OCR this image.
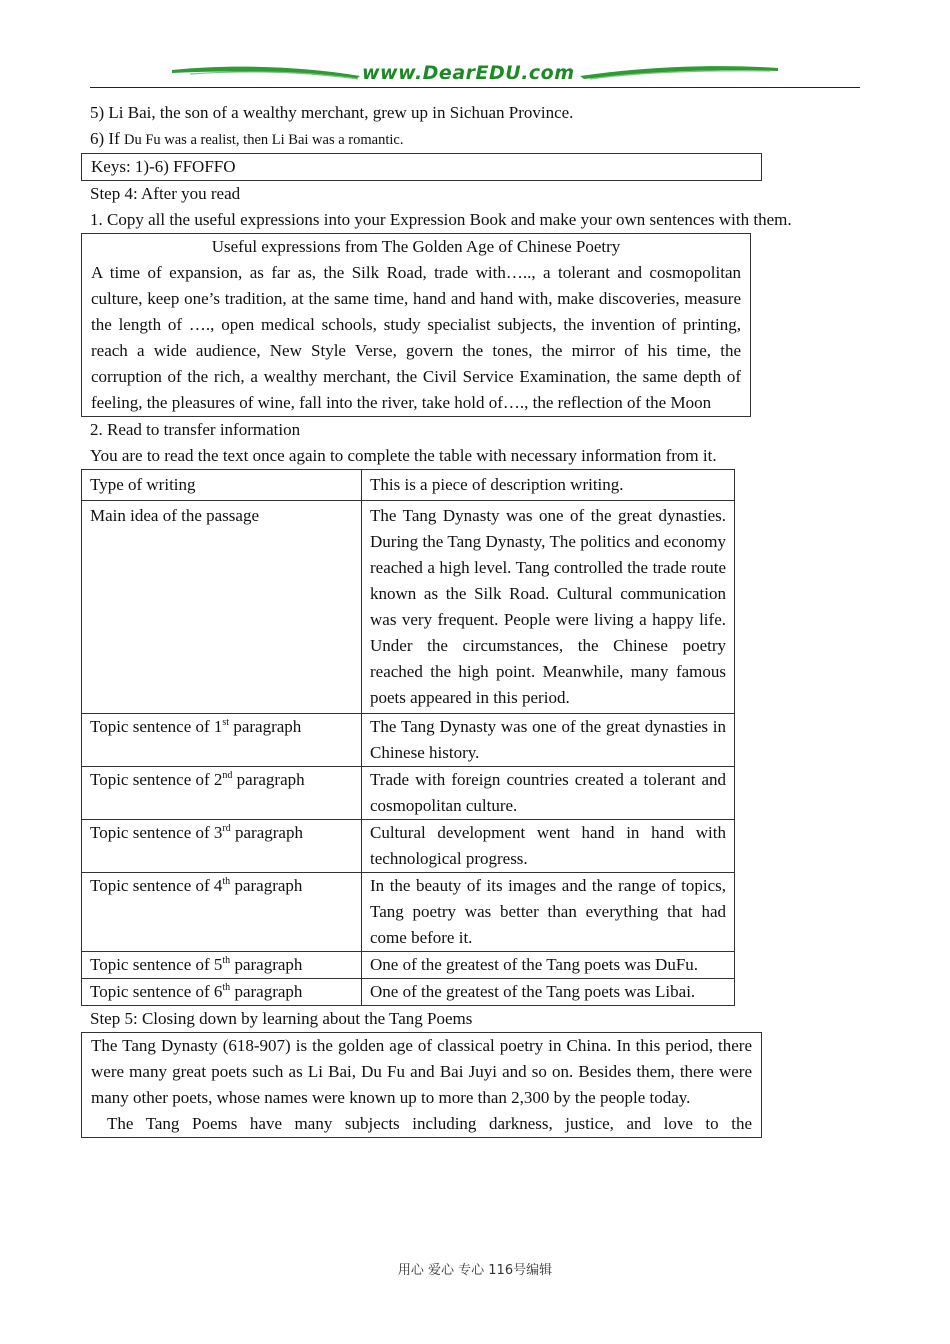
www.DearEDU.com

5) Li Bai, the son of a wealthy merchant, grew up in Sichuan Province.

6) If Du Fu was a realist, then Li Bai was a romantic.

Keys: 1)-6) FFOFFO

Step 4: After you read

1. Copy all the useful expressions into your Expression Book and make your own sentences with them.

Useful expressions from The Golden Age of Chinese Poetry

A time of expansion, as far as, the Silk Road, trade with….., a tolerant and cosmopolitan culture, keep one’s tradition, at the same time, hand and hand with, make discoveries, measure the length of …., open medical schools, study specialist subjects, the invention of printing, reach a wide audience, New Style Verse, govern the tones, the mirror of his time, the corruption of the rich, a wealthy merchant, the Civil Service Examination, the same depth of feeling, the pleasures of wine, fall into the river, take hold of…., the reflection of the Moon

2. Read to transfer information

You are to read the text once again to complete the table with necessary information from it.

Type of writing	This is a piece of description writing.
Main idea of the passage	The Tang Dynasty was one of the great dynasties. During the Tang Dynasty, The politics and economy reached a high level. Tang controlled the trade route known as the Silk Road. Cultural communication was very frequent. People were living a happy life. Under the circumstances, the Chinese poetry reached the high point. Meanwhile, many famous poets appeared in this period.
Topic sentence of 1st paragraph	The Tang Dynasty was one of the great dynasties in Chinese history.
Topic sentence of 2nd paragraph	Trade with foreign countries created a tolerant and cosmopolitan culture.
Topic sentence of 3rd paragraph	Cultural development went hand in hand with technological progress.
Topic sentence of 4th paragraph	In the beauty of its images and the range of topics, Tang poetry was better than everything that had come before it.
Topic sentence of 5th paragraph	One of the greatest of the Tang poets was DuFu.
Topic sentence of 6th paragraph	One of the greatest of the Tang poets was Libai.

Step 5: Closing down by learning about the Tang Poems

The Tang Dynasty (618-907) is the golden age of classical poetry in China. In this period, there were many great poets such as Li Bai, Du Fu and Bai Juyi and so on. Besides them, there were many other poets, whose names were known up to more than 2,300 by the people today.

The Tang Poems have many subjects including darkness, justice, and love to the

用心 爱心 专心 116号编辑
